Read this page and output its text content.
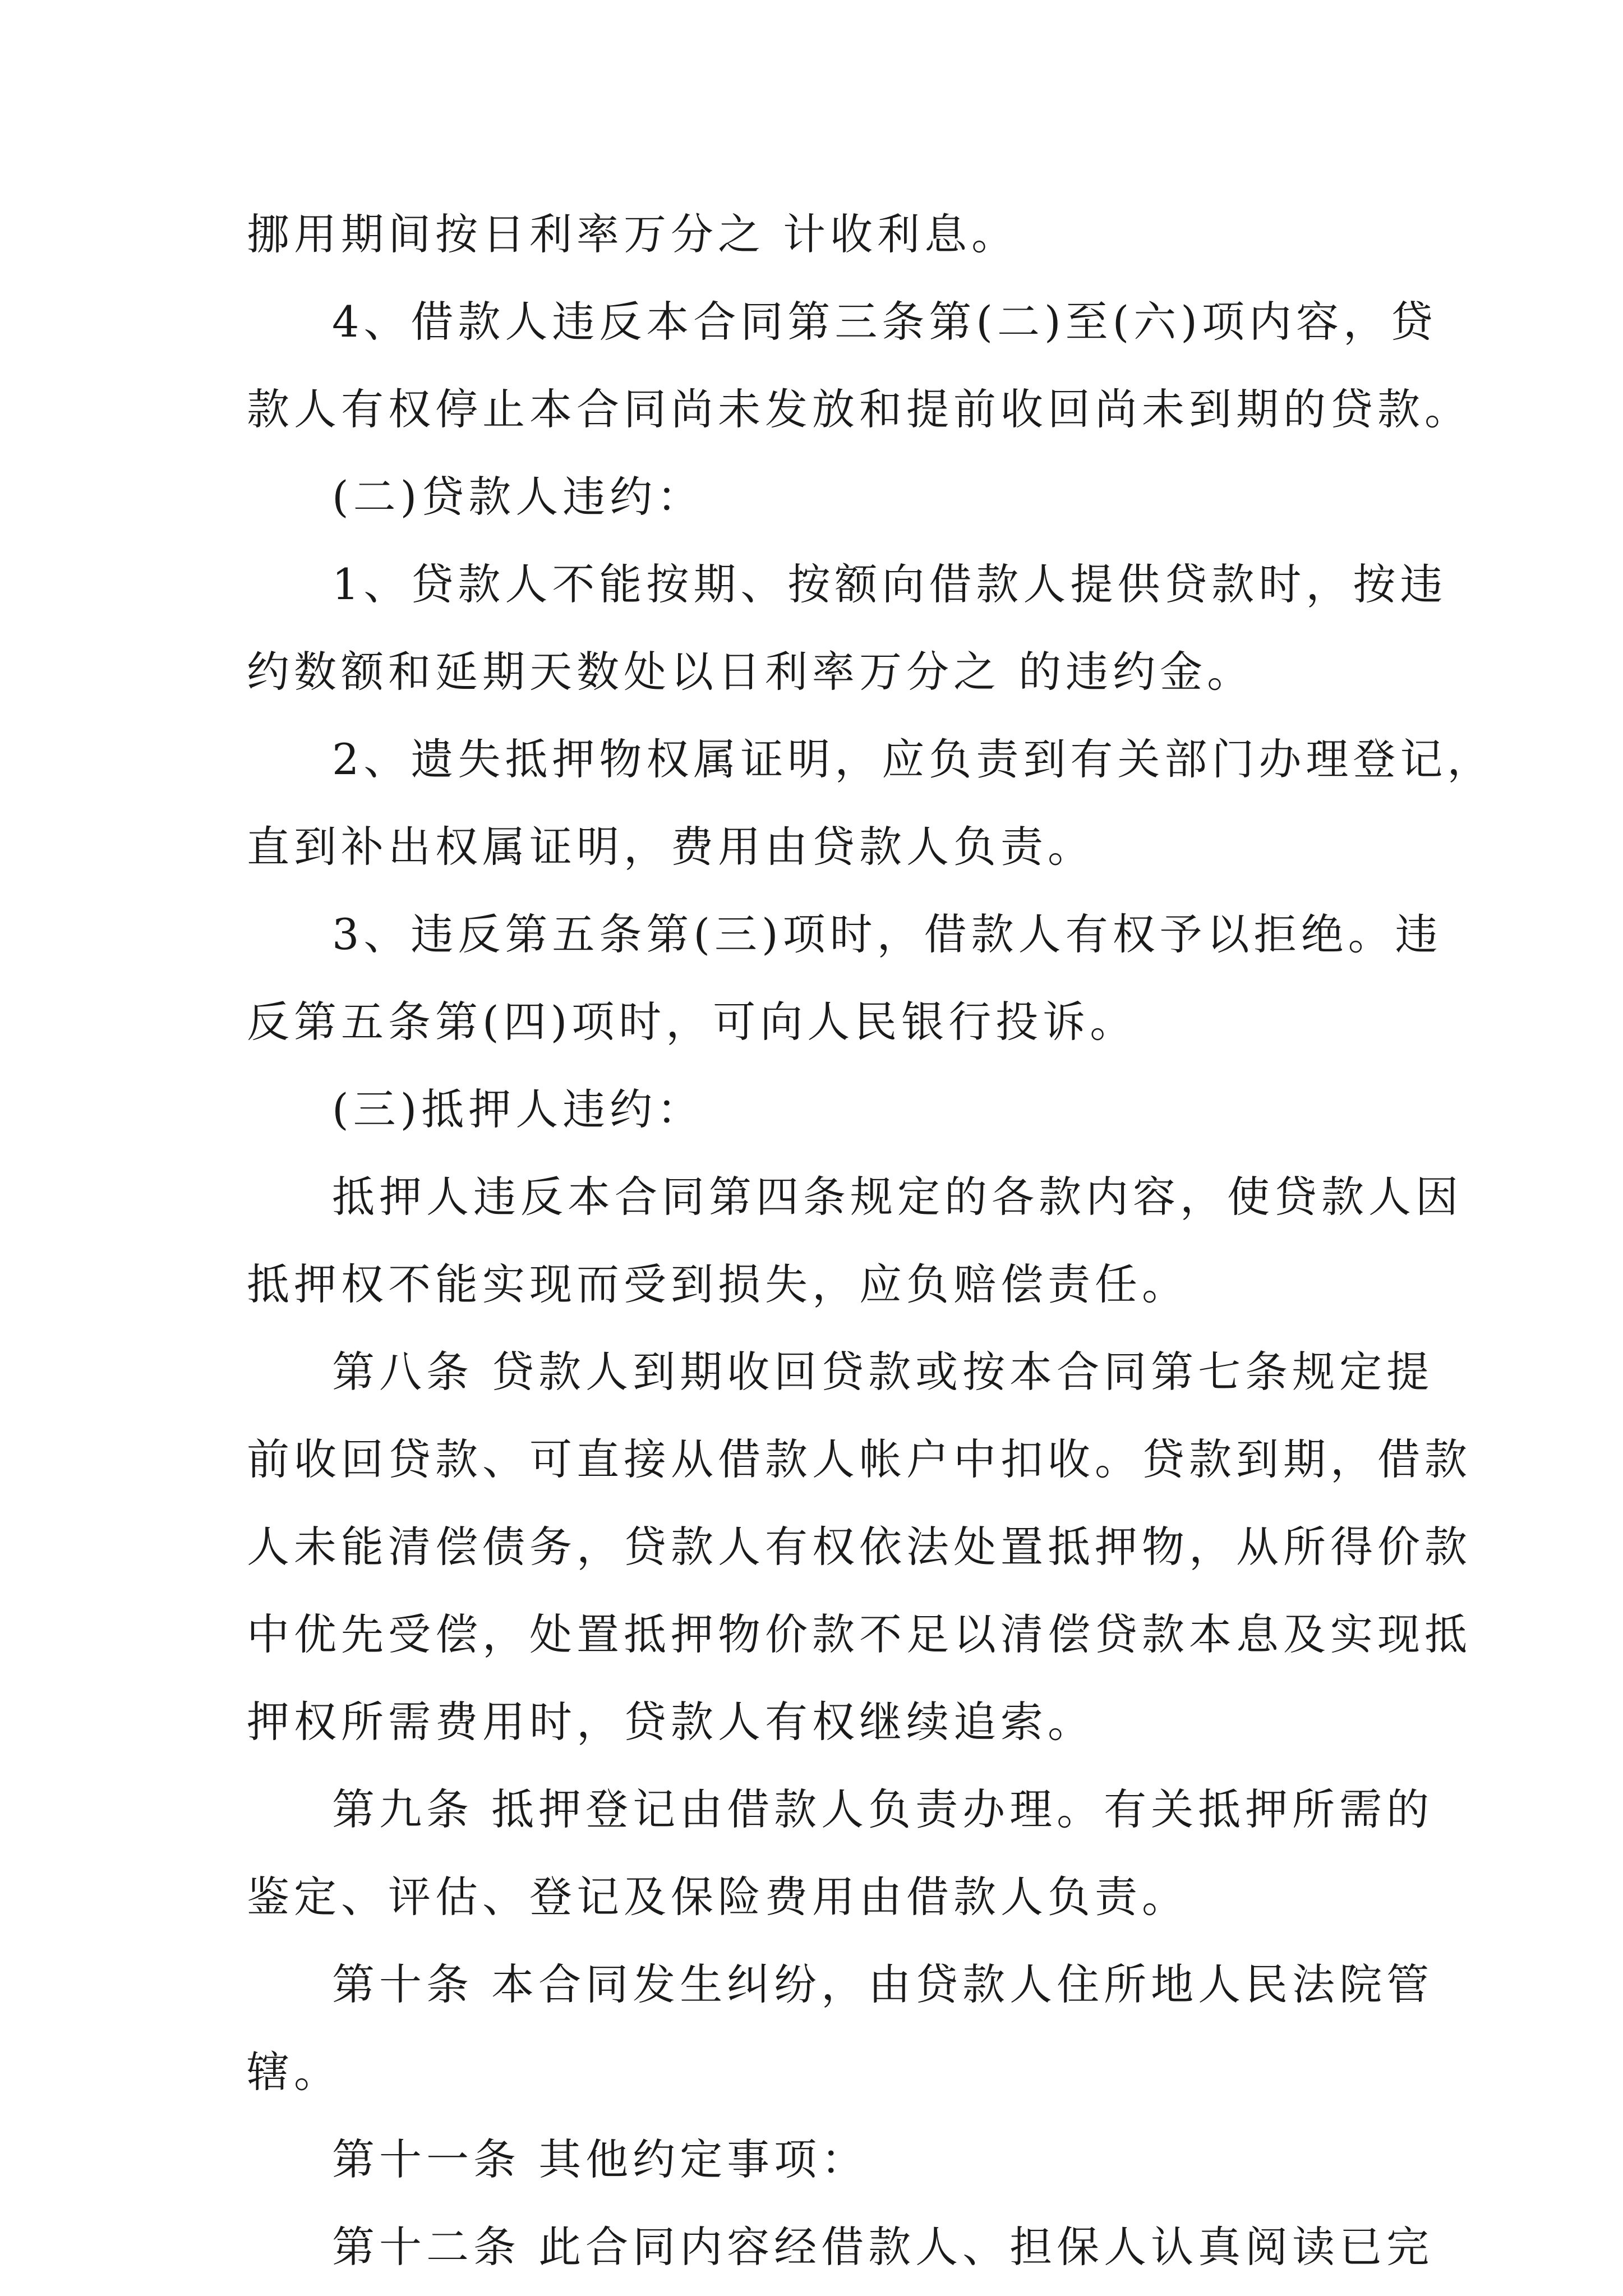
挪用期间按日利率万分之 计收利息。
4、借款人违反本合同第三条第(二)至(六)项内容，贷
款人有权停止本合同尚未发放和提前收回尚未到期的贷款。
(二)贷款人违约：
1、贷款人不能按期、按额向借款人提供贷款时，按违
约数额和延期天数处以日利率万分之 的违约金。
2、遗失抵押物权属证明，应负责到有关部门办理登记，
直到补出权属证明，费用由贷款人负责。
3、违反第五条第(三)项时，借款人有权予以拒绝。违
反第五条第(四)项时，可向人民银行投诉。
(三)抵押人违约：
抵押人违反本合同第四条规定的各款内容，使贷款人因
抵押权不能实现而受到损失，应负赔偿责任。
第八条 贷款人到期收回贷款或按本合同第七条规定提
前收回贷款、可直接从借款人帐户中扣收。贷款到期，借款
人未能清偿债务，贷款人有权依法处置抵押物，从所得价款
中优先受偿，处置抵押物价款不足以清偿贷款本息及实现抵
押权所需费用时，贷款人有权继续追索。
第九条 抵押登记由借款人负责办理。有关抵押所需的
鉴定、评估、登记及保险费用由借款人负责。
第十条 本合同发生纠纷，由贷款人住所地人民法院管
辖。
第十一条 其他约定事项：
第十二条 此合同内容经借款人、担保人认真阅读已完
